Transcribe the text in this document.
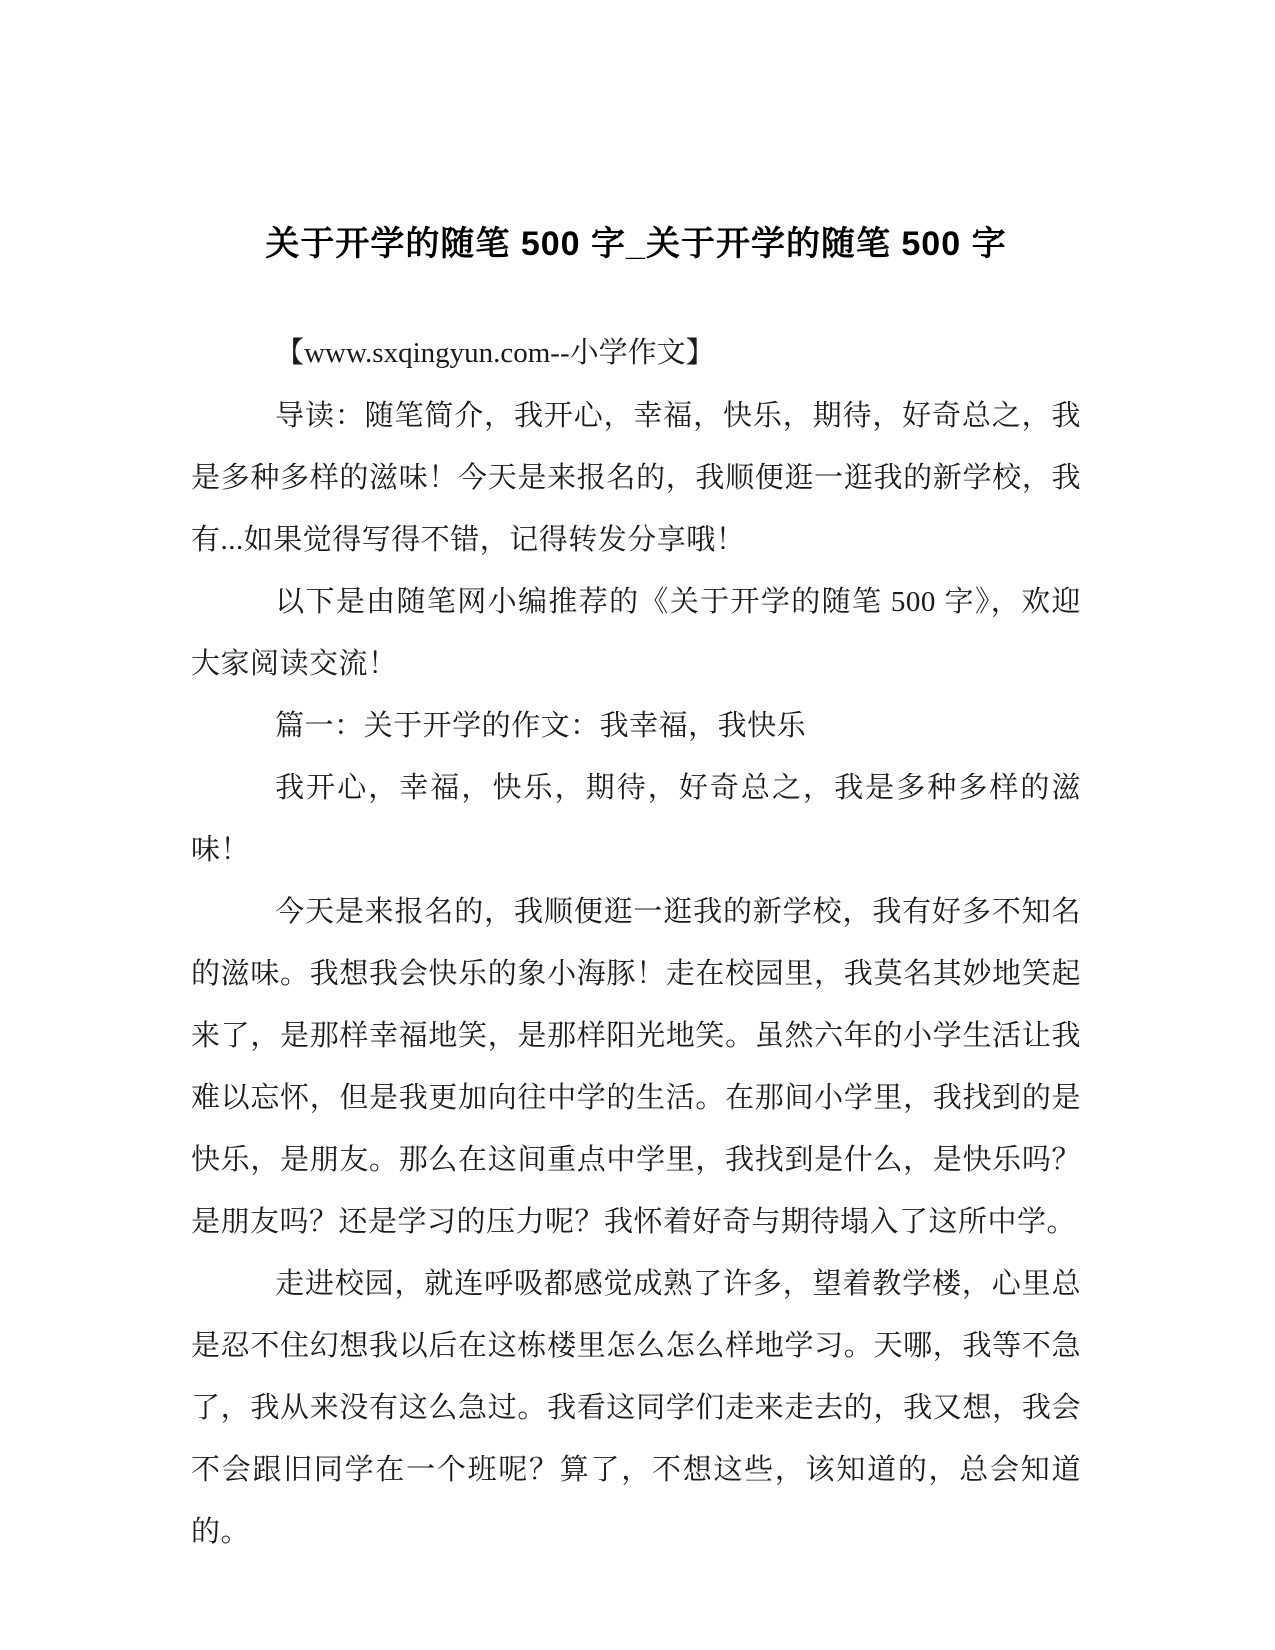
关于开学的随笔 500 字_关于开学的随笔 500 字

【www.sxqingyun.com--小学作文】

导读：随笔简介，我开心，幸福，快乐，期待，好奇总之，我是多种多样的滋味！今天是来报名的，我顺便逛一逛我的新学校，我有...如果觉得写得不错，记得转发分享哦！

以下是由随笔网小编推荐的《关于开学的随笔 500 字》，欢迎大家阅读交流！

篇一：关于开学的作文：我幸福，我快乐

我开心，幸福，快乐，期待，好奇总之，我是多种多样的滋味！

今天是来报名的，我顺便逛一逛我的新学校，我有好多不知名的滋味。我想我会快乐的象小海豚！走在校园里，我莫名其妙地笑起来了，是那样幸福地笑，是那样阳光地笑。虽然六年的小学生活让我难以忘怀，但是我更加向往中学的生活。在那间小学里，我找到的是快乐，是朋友。那么在这间重点中学里，我找到是什么，是快乐吗？是朋友吗？还是学习的压力呢？我怀着好奇与期待塌入了这所中学。

走进校园，就连呼吸都感觉成熟了许多，望着教学楼，心里总是忍不住幻想我以后在这栋楼里怎么怎么样地学习。天哪，我等不急了，我从来没有这么急过。我看这同学们走来走去的，我又想，我会不会跟旧同学在一个班呢？算了，不想这些，该知道的，总会知道的。
